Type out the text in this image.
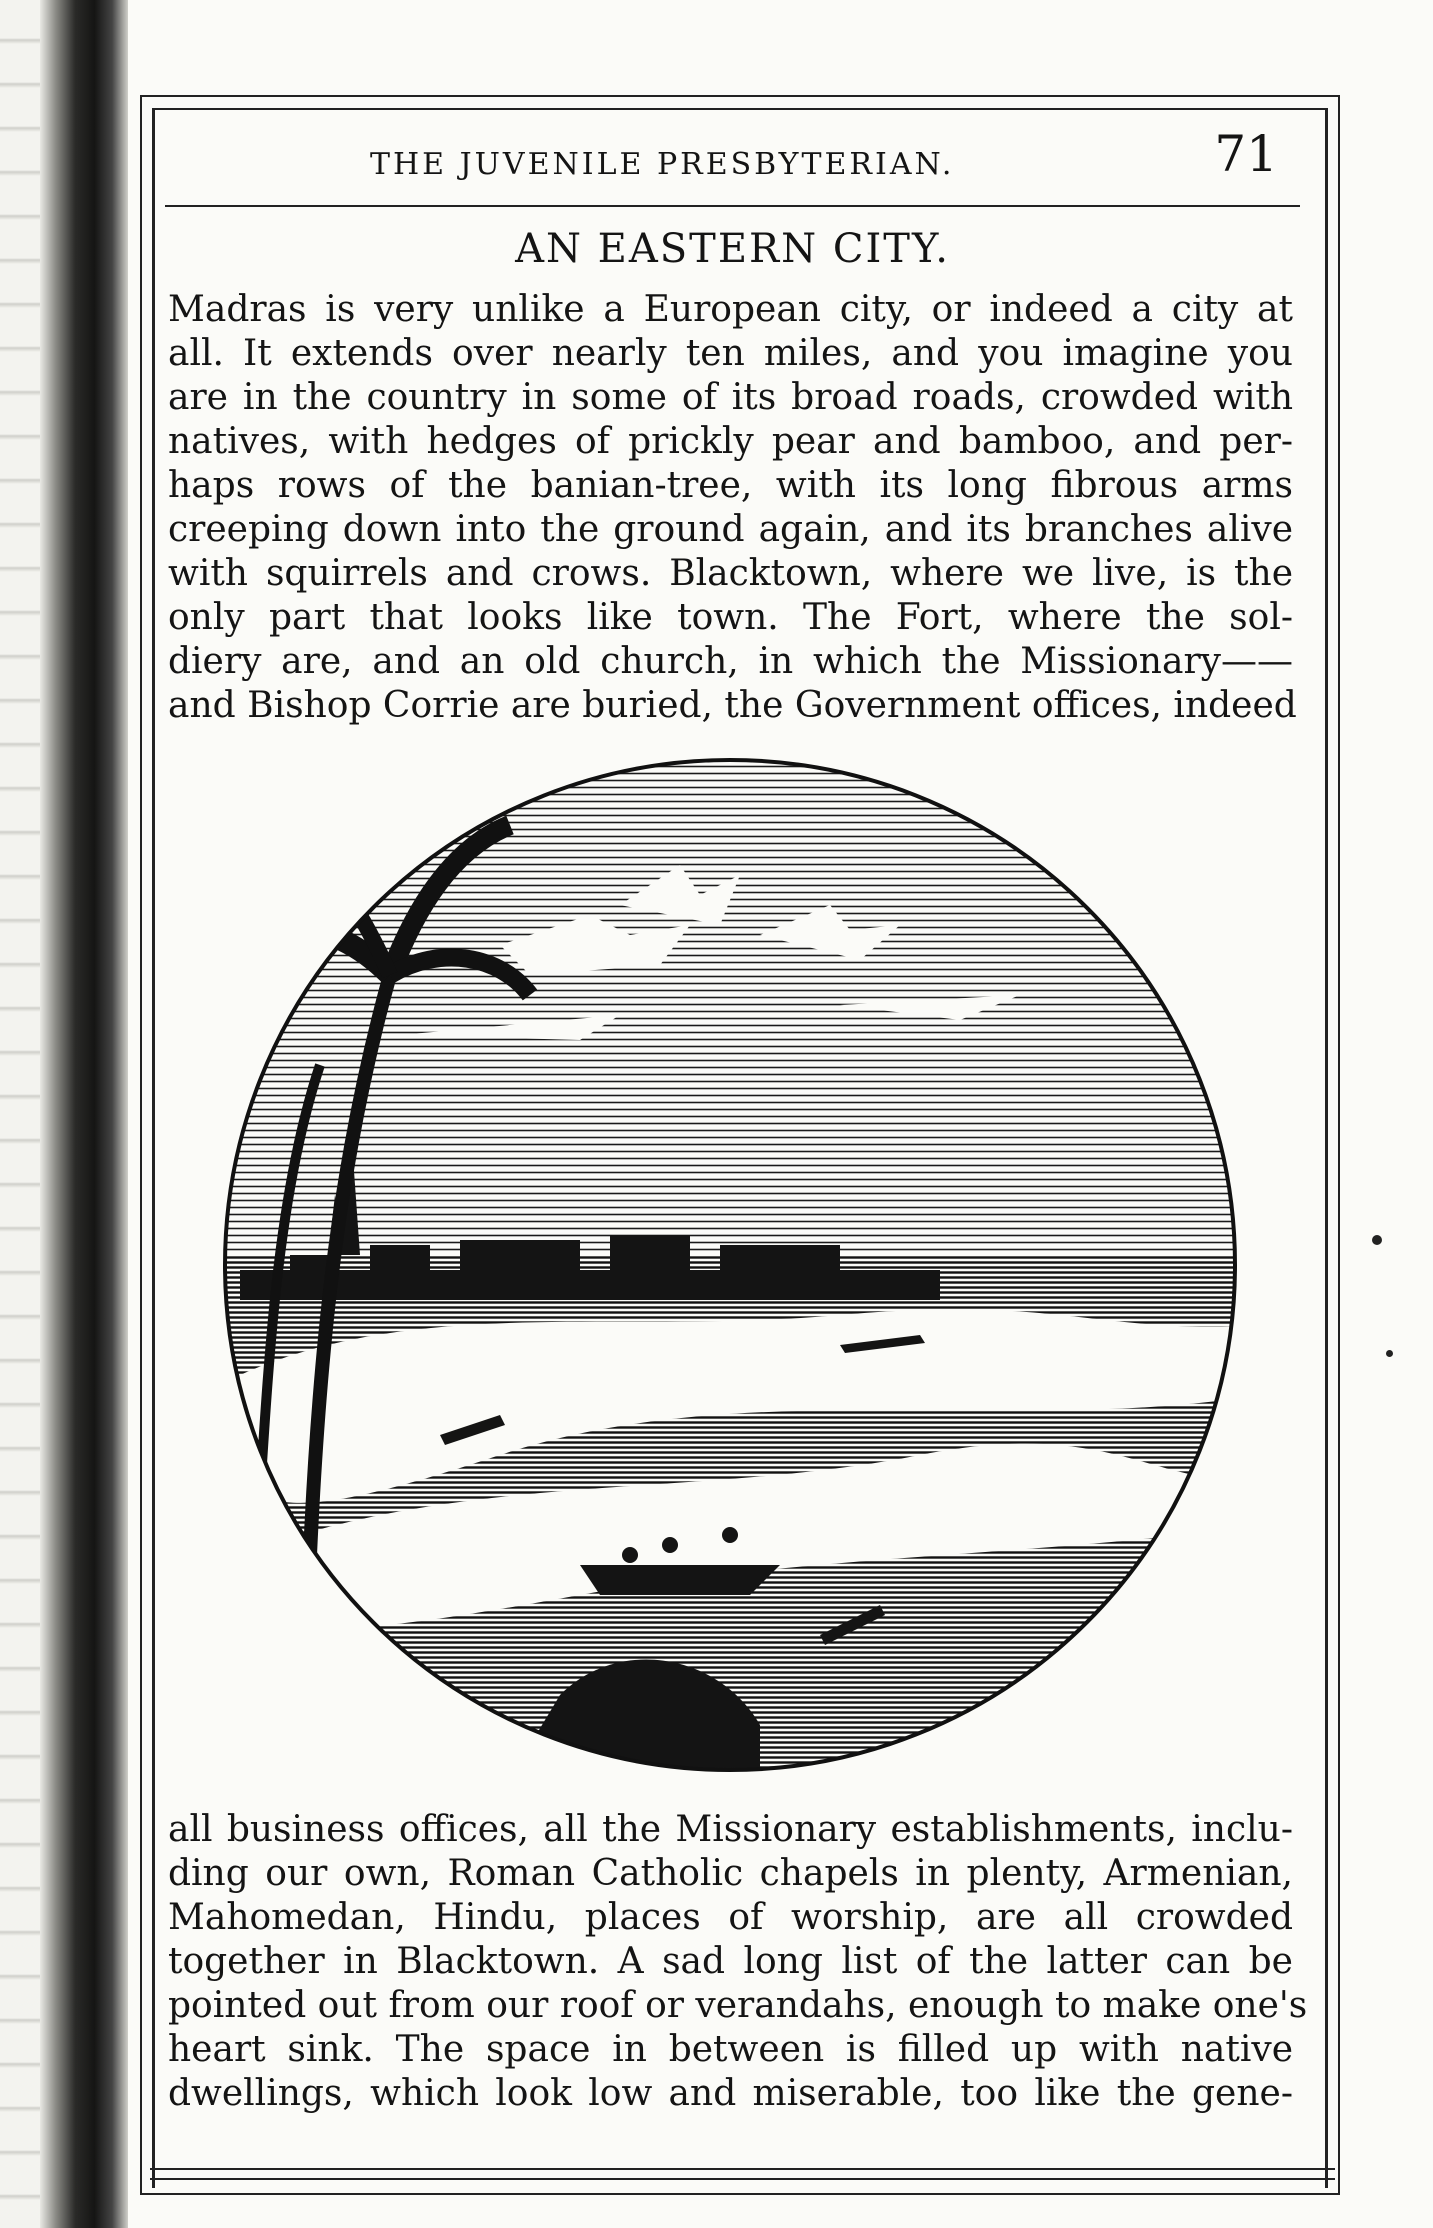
THE JUVENILE PRESBYTERIAN.	71
AN EASTERN CITY.
Madras is very unlike a European city, or indeed a city at
all. It extends over nearly ten miles, and you imagine you
are in the country in some of its broad roads, crowded with
natives, with hedges of prickly pear and bamboo, and per-
haps rows of the banian-tree, with its long fibrous arms
creeping down into the ground again, and its branches alive
with squirrels and crows. Blacktown, where we live, is the
only part that looks like town. The Fort, where the sol-
diery are, and an old church, in which the Missionary——
and Bishop Corrie are buried, the Government offices, indeed
all business offices, all the Missionary establishments, inclu-
ding our own, Roman Catholic chapels in plenty, Armenian,
Mahomedan, Hindu, places of worship, are all crowded
together in Blacktown. A sad long list of the latter can be
pointed out from our roof or verandahs, enough to make one's
heart sink. The space in between is filled up with native
dwellings, which look low and miserable, too like the gene-
